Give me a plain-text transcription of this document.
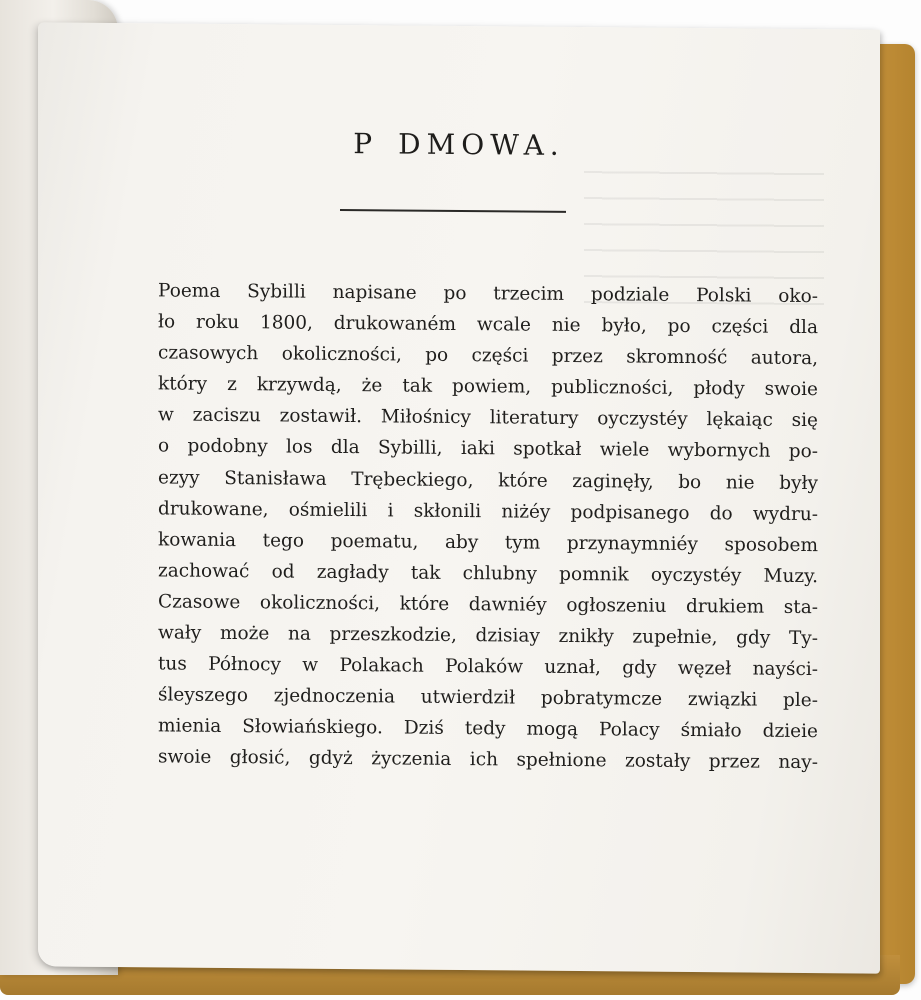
P DMOWA.
Poema Sybilli napisane po trzecim podziale Polski oko-
ło roku 1800, drukowaném wcale nie było, po części dla
czasowych okoliczności, po części przez skromność autora,
który z krzywdą, że tak powiem, publiczności, płody swoie
w zaciszu zostawił. Miłośnicy literatury oyczystéy lękaiąc się
o podobny los dla Sybilli, iaki spotkał wiele wybornych po-
ezyy Stanisława Trębeckiego, które zaginęły, bo nie były
drukowane, ośmielili i skłonili niżéy podpisanego do wydru-
kowania tego poematu, aby tym przynaymniéy sposobem
zachować od zagłady tak chlubny pomnik oyczystéy Muzy.
Czasowe okoliczności, które dawniéy ogłoszeniu drukiem sta-
wały może na przeszkodzie, dzisiay znikły zupełnie, gdy Ty-
tus Północy w Polakach Polaków uznał, gdy węzeł nayści-
śleyszego zjednoczenia utwierdził pobratymcze związki ple-
mienia Słowiańskiego. Dziś tedy mogą Polacy śmiało dzieie
swoie głosić, gdyż życzenia ich spełnione zostały przez nay-
